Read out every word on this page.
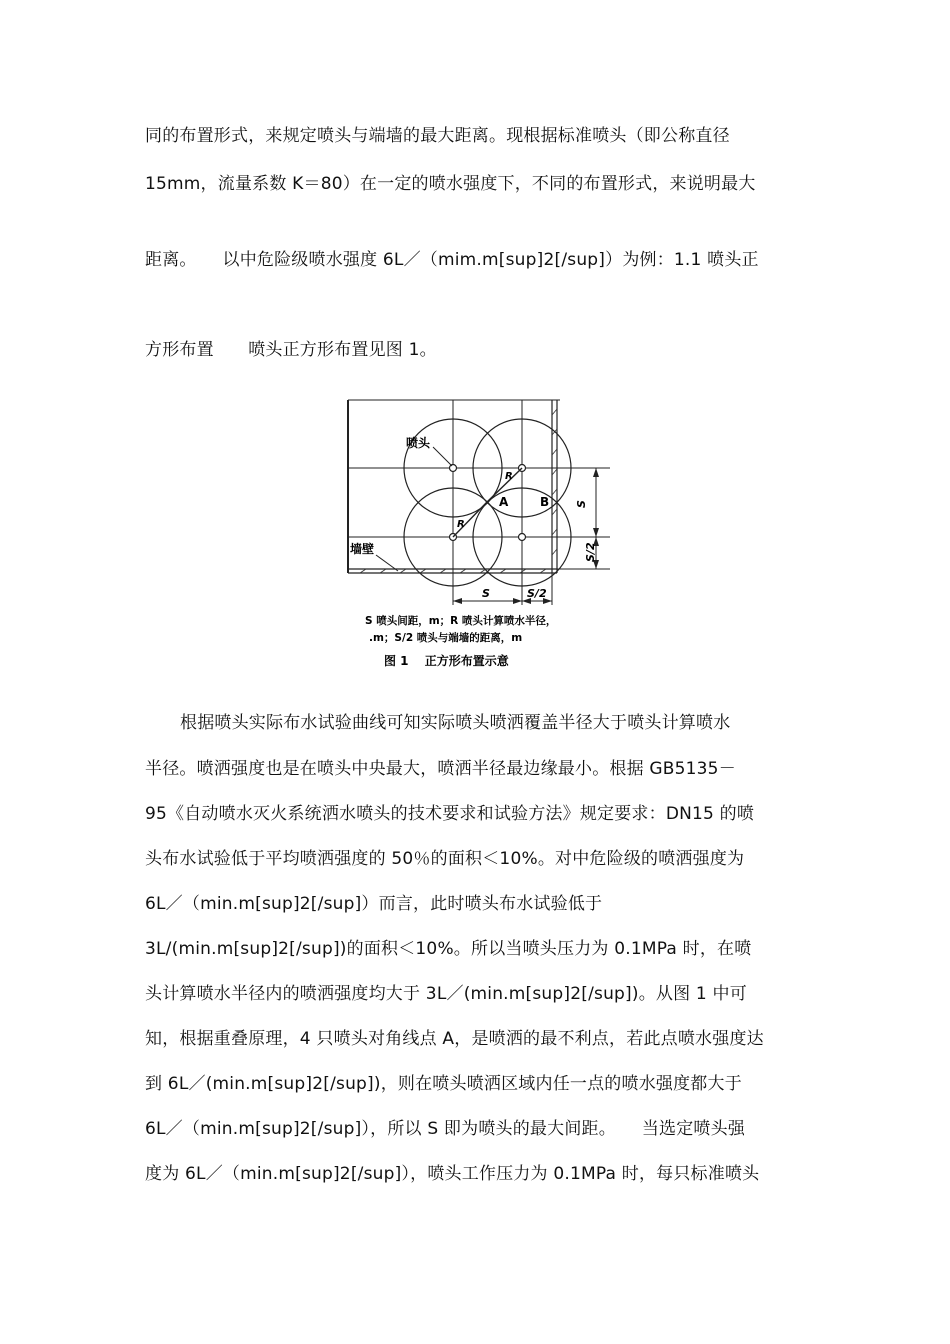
同的布置形式，来规定喷头与端墙的最大距离。现根据标准喷头（即公称直径
15mm，流量系数 K＝80）在一定的喷水强度下，不同的布置形式，来说明最大
距离。　　以中危险级喷水强度 6L／（mim.m[sup]2[/sup]）为例：1.1 喷头正
方形布置　　喷头正方形布置见图 1。
喷头
A	B
R
R
墙壁
S
S/2
S	S/2
S 喷头间距，m；R 喷头计算喷水半径，
.m；S/2 喷头与端墙的距离，m
图 1　 正方形布置示意
根据喷头实际布水试验曲线可知实际喷头喷洒覆盖半径大于喷头计算喷水
半径。喷洒强度也是在喷头中央最大，喷洒半径最边缘最小。根据 GB5135－
95《自动喷水灭火系统洒水喷头的技术要求和试验方法》规定要求：DN15 的喷
头布水试验低于平均喷洒强度的 50％的面积＜10%。对中危险级的喷洒强度为
6L／（min.m[sup]2[/sup]）而言，此时喷头布水试验低于
3L/(min.m[sup]2[/sup])的面积＜10%。所以当喷头压力为 0.1MPa 时，在喷
头计算喷水半径内的喷洒强度均大于 3L／(min.m[sup]2[/sup])。从图 1 中可
知，根据重叠原理，4 只喷头对角线点 A，是喷洒的最不利点，若此点喷水强度达
到 6L／(min.m[sup]2[/sup])，则在喷头喷洒区域内任一点的喷水强度都大于
6L／（min.m[sup]2[/sup]），所以 S 即为喷头的最大间距。　　当选定喷头强
度为 6L／（min.m[sup]2[/sup]），喷头工作压力为 0.1MPa 时，每只标准喷头
